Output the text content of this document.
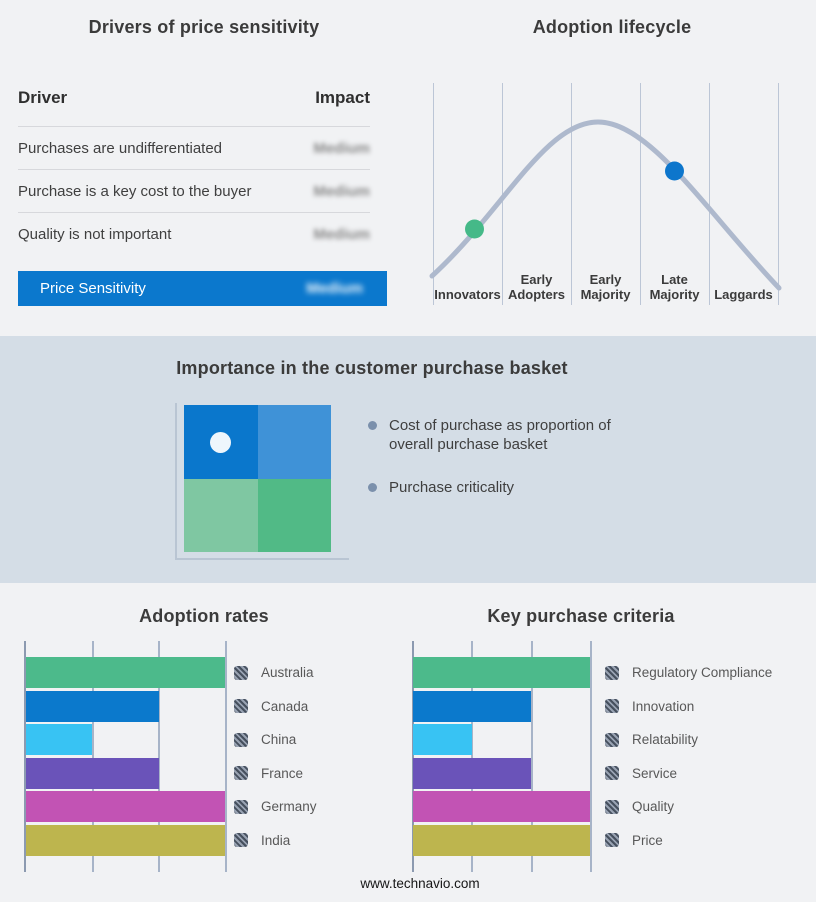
Drivers of price sensitivity
Driver	Impact
Purchases are undifferentiated	Medium
Purchase is a key cost to the buyer	Medium
Quality is not important	Medium
Price Sensitivity	Medium
Adoption lifecycle
Innovators
Early Adopters
Early Majority
Late Majority	Laggards
Importance in the customer purchase basket
Cost of purchase as proportion of overall purchase basket
Purchase criticality
Adoption rates
Australia
Canada
China
France
Germany
India
Key purchase criteria
Regulatory Compliance
Innovation
Relatability
Service
Quality
Price
www.technavio.com
